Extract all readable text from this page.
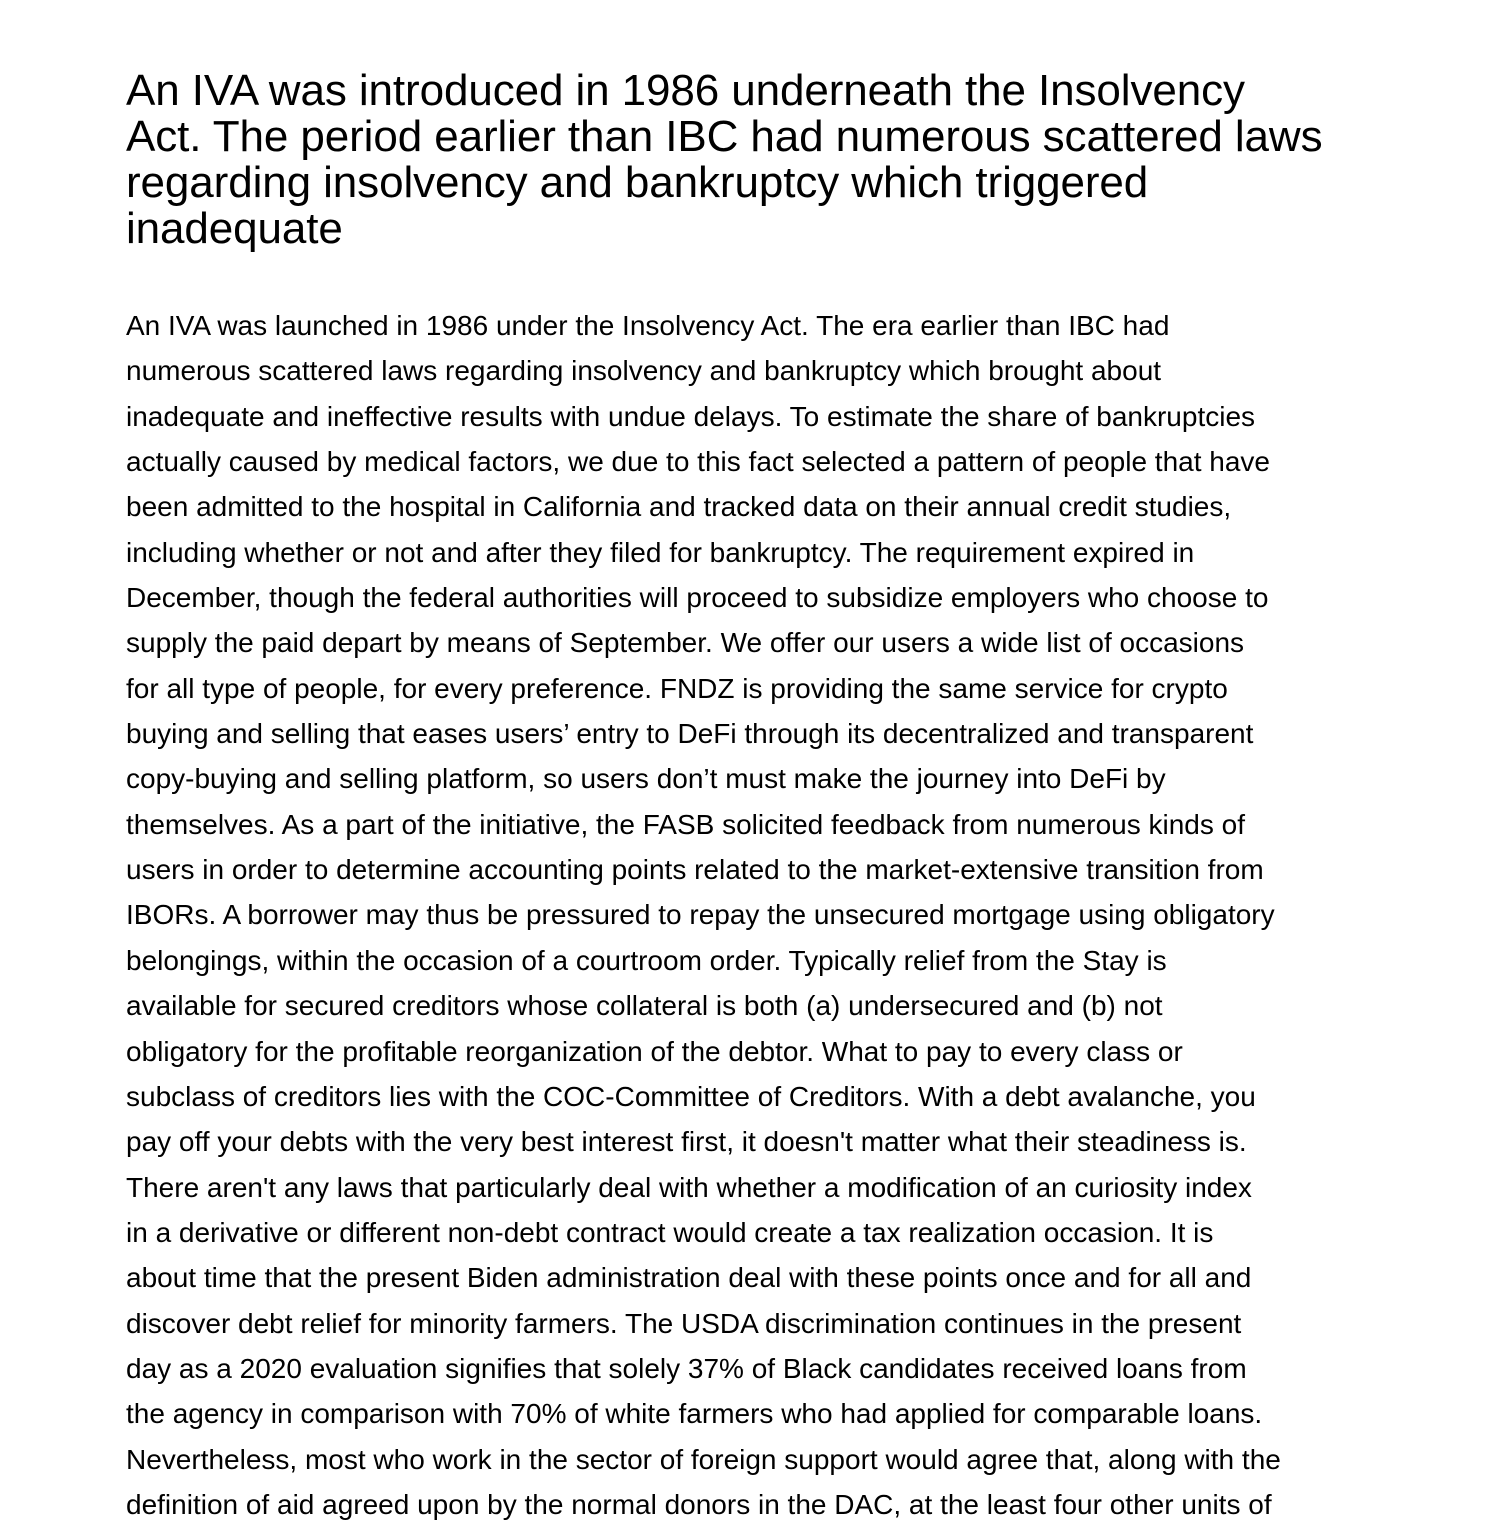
An IVA was introduced in 1986 underneath the Insolvency
Act. The period earlier than IBC had numerous scattered laws
regarding insolvency and bankruptcy which triggered
inadequate

An IVA was launched in 1986 under the Insolvency Act. The era earlier than IBC had
numerous scattered laws regarding insolvency and bankruptcy which brought about
inadequate and ineffective results with undue delays. To estimate the share of bankruptcies
actually caused by medical factors, we due to this fact selected a pattern of people that have
been admitted to the hospital in California and tracked data on their annual credit studies,
including whether or not and after they filed for bankruptcy. The requirement expired in
December, though the federal authorities will proceed to subsidize employers who choose to
supply the paid depart by means of September. We offer our users a wide list of occasions
for all type of people, for every preference. FNDZ is providing the same service for crypto
buying and selling that eases users’ entry to DeFi through its decentralized and transparent
copy-buying and selling platform, so users don’t must make the journey into DeFi by
themselves. As a part of the initiative, the FASB solicited feedback from numerous kinds of
users in order to determine accounting points related to the market-extensive transition from
IBORs. A borrower may thus be pressured to repay the unsecured mortgage using obligatory
belongings, within the occasion of a courtroom order. Typically relief from the Stay is
available for secured creditors whose collateral is both (a) undersecured and (b) not
obligatory for the profitable reorganization of the debtor. What to pay to every class or
subclass of creditors lies with the COC-Committee of Creditors. With a debt avalanche, you
pay off your debts with the very best interest first, it doesn't matter what their steadiness is.
There aren't any laws that particularly deal with whether a modification of an curiosity index
in a derivative or different non-debt contract would create a tax realization occasion. It is
about time that the present Biden administration deal with these points once and for all and
discover debt relief for minority farmers. The USDA discrimination continues in the present
day as a 2020 evaluation signifies that solely 37% of Black candidates received loans from
the agency in comparison with 70% of white farmers who had applied for comparable loans.
Nevertheless, most who work in the sector of foreign support would agree that, along with the
definition of aid agreed upon by the normal donors in the DAC, at the least four other units of
